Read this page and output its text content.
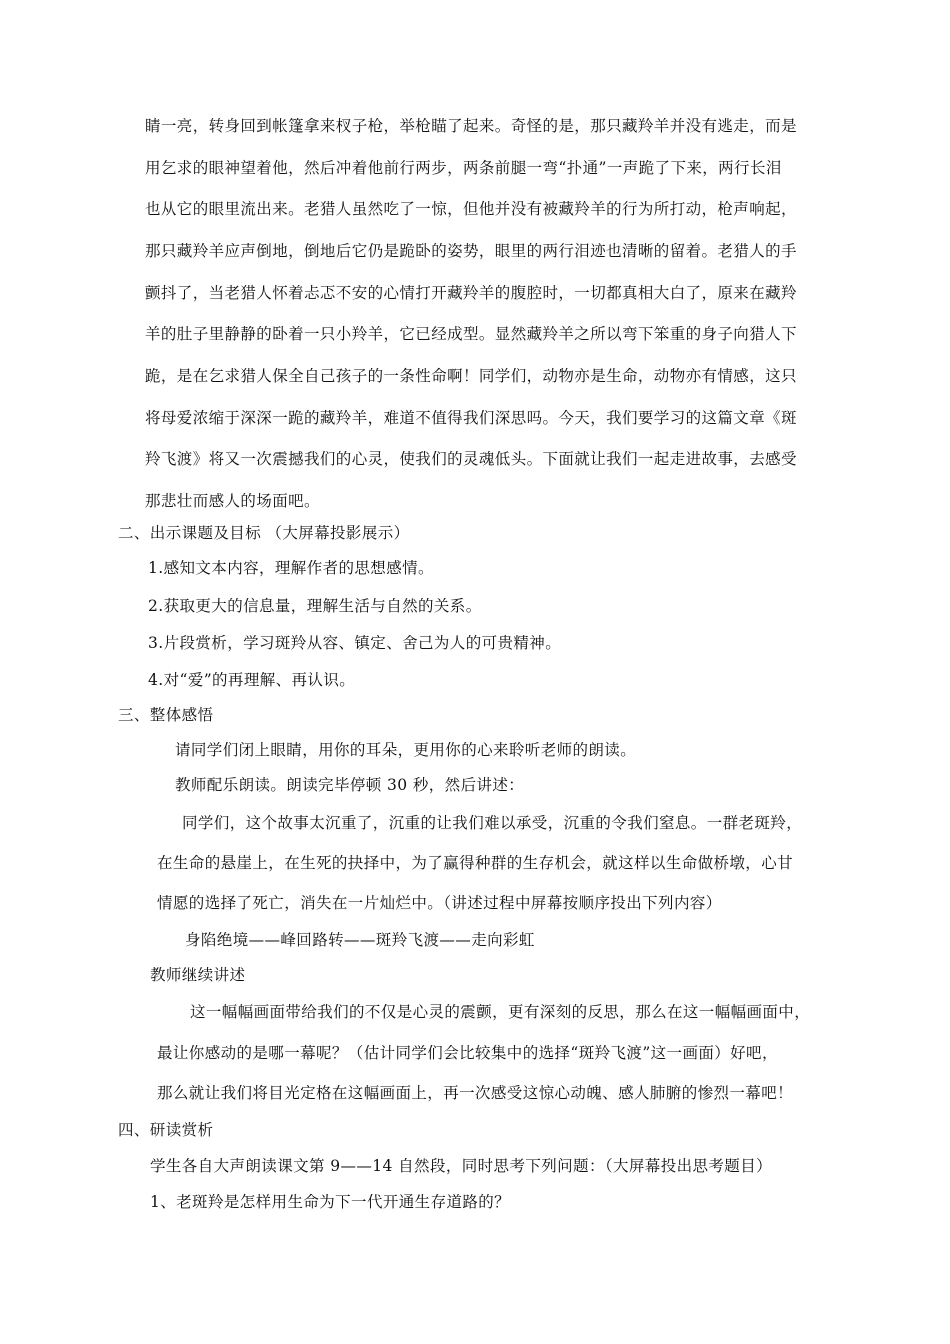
睛一亮，转身回到帐篷拿来杈子枪，举枪瞄了起来。奇怪的是，那只藏羚羊并没有逃走，而是
用乞求的眼神望着他，然后冲着他前行两步，两条前腿一弯“扑通”一声跪了下来，两行长泪
也从它的眼里流出来。老猎人虽然吃了一惊，但他并没有被藏羚羊的行为所打动，枪声响起，
那只藏羚羊应声倒地，倒地后它仍是跪卧的姿势，眼里的两行泪迹也清晰的留着。老猎人的手
颤抖了，当老猎人怀着忐忑不安的心情打开藏羚羊的腹腔时，一切都真相大白了，原来在藏羚
羊的肚子里静静的卧着一只小羚羊，它已经成型。显然藏羚羊之所以弯下笨重的身子向猎人下
跪，是在乞求猎人保全自己孩子的一条性命啊！同学们，动物亦是生命，动物亦有情感，这只
将母爱浓缩于深深一跪的藏羚羊，难道不值得我们深思吗。今天，我们要学习的这篇文章《斑
羚飞渡》将又一次震撼我们的心灵，使我们的灵魂低头。下面就让我们一起走进故事，去感受
那悲壮而感人的场面吧。
二、出示课题及目标 （大屏幕投影展示）
1.感知文本内容，理解作者的思想感情。
2.获取更大的信息量，理解生活与自然的关系。
3.片段赏析，学习斑羚从容、镇定、舍己为人的可贵精神。
4.对“爱”的再理解、再认识。
三、整体感悟
请同学们闭上眼睛，用你的耳朵，更用你的心来聆听老师的朗读。
教师配乐朗读。朗读完毕停顿 30 秒，然后讲述：
同学们，这个故事太沉重了，沉重的让我们难以承受，沉重的令我们窒息。一群老斑羚，
在生命的悬崖上，在生死的抉择中，为了赢得种群的生存机会，就这样以生命做桥墩，心甘
情愿的选择了死亡，消失在一片灿烂中。（讲述过程中屏幕按顺序投出下列内容）
身陷绝境——峰回路转——斑羚飞渡——走向彩虹
教师继续讲述
这一幅幅画面带给我们的不仅是心灵的震颤，更有深刻的反思，那么在这一幅幅画面中，
最让你感动的是哪一幕呢？（估计同学们会比较集中的选择“斑羚飞渡”这一画面）好吧，
那么就让我们将目光定格在这幅画面上，再一次感受这惊心动魄、感人肺腑的惨烈一幕吧！
四、研读赏析
学生各自大声朗读课文第 9——14 自然段，同时思考下列问题：（大屏幕投出思考题目）
1、老斑羚是怎样用生命为下一代开通生存道路的？
